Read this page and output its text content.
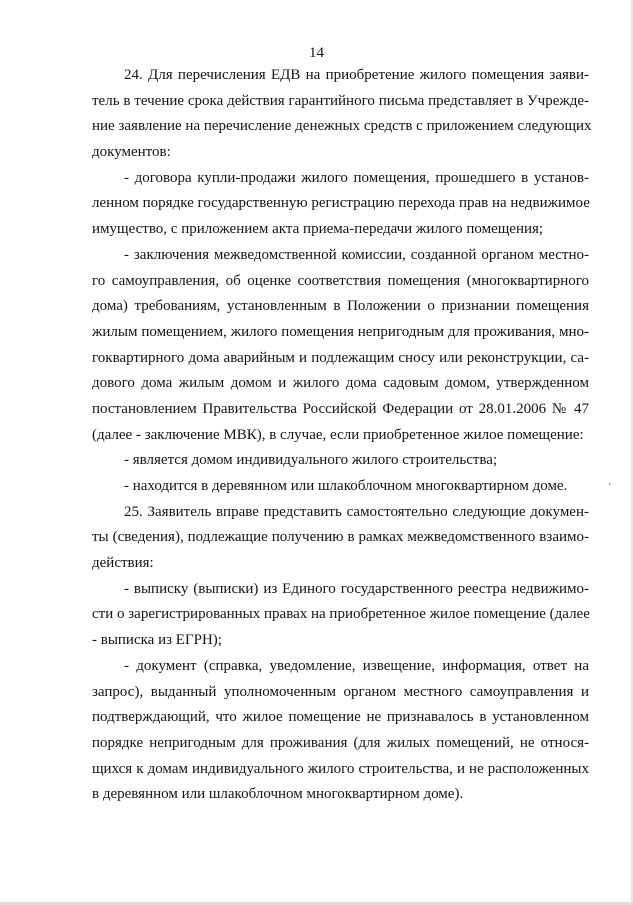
14
24. Для перечисления ЕДВ на приобретение жилого помещения заяви-
тель в течение срока действия гарантийного письма представляет в Учрежде-
ние заявление на перечисление денежных средств с приложением следующих
документов:
- договора купли-продажи жилого помещения, прошедшего в установ-
ленном порядке государственную регистрацию перехода прав на недвижимое
имущество, с приложением акта приема-передачи жилого помещения;
- заключения межведомственной комиссии, созданной органом местно-
го самоуправления, об оценке соответствия помещения (многоквартирного
дома) требованиям, установленным в Положении о признании помещения
жилым помещением, жилого помещения непригодным для проживания, мно-
гоквартирного дома аварийным и подлежащим сносу или реконструкции, са-
дового дома жилым домом и жилого дома садовым домом, утвержденном
постановлением Правительства Российской Федерации от 28.01.2006 № 47
(далее - заключение МВК), в случае, если приобретенное жилое помещение:
- является домом индивидуального жилого строительства;
- находится в деревянном или шлакоблочном многоквартирном доме.
25. Заявитель вправе представить самостоятельно следующие докумен-
ты (сведения), подлежащие получению в рамках межведомственного взаимо-
действия:
- выписку (выписки) из Единого государственного реестра недвижимо-
сти о зарегистрированных правах на приобретенное жилое помещение (далее
- выписка из ЕГРН);
- документ (справка, уведомление, извещение, информация, ответ на
запрос), выданный уполномоченным органом местного самоуправления и
подтверждающий, что жилое помещение не признавалось в установленном
порядке непригодным для проживания (для жилых помещений, не относя-
щихся к домам индивидуального жилого строительства, и не расположенных
в деревянном или шлакоблочном многоквартирном доме).
,
